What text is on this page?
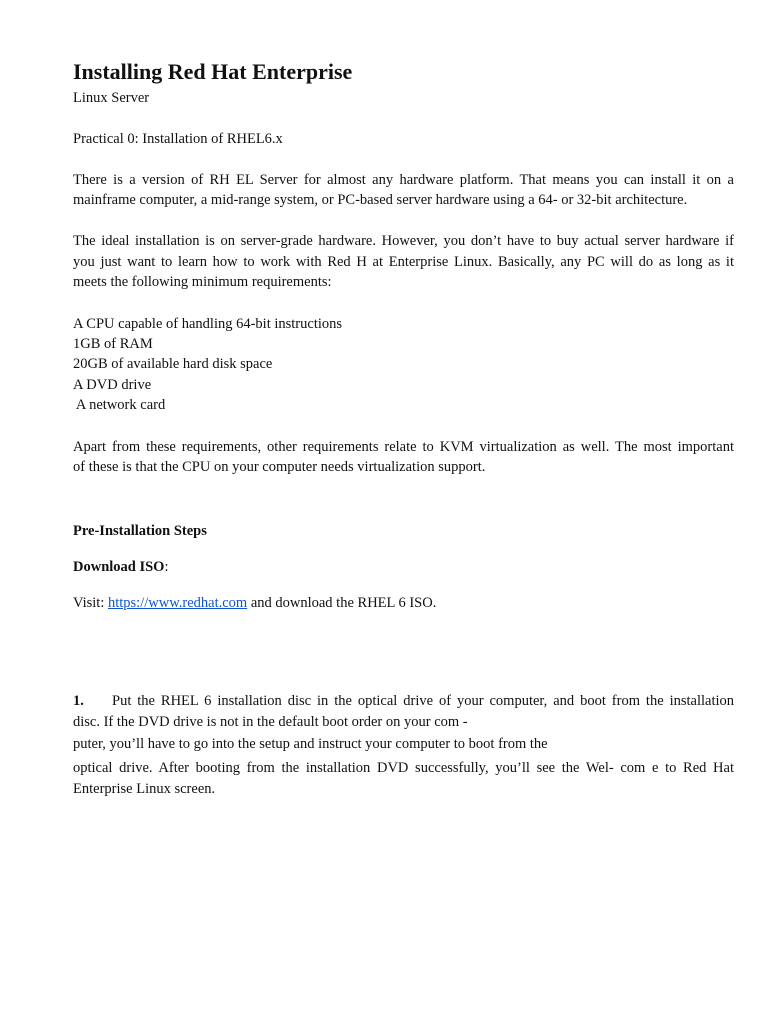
Installing Red Hat Enterprise
Linux Server
Practical 0: Installation of RHEL6.x
There is a version of RH EL Server for almost any hardware platform. That means you can install it on a
mainframe computer, a mid-range system, or PC-based server hardware using a 64- or 32-bit architecture.
The ideal installation is on server-grade hardware. However, you don’t have to buy actual server hardware if
you just want to learn how to work with Red H at Enterprise Linux. Basically, any PC will do as long as it
meets the following minimum requirements:
A CPU capable of handling 64-bit instructions
1GB of RAM
20GB of available hard disk space
A DVD drive
A network card
Apart from these requirements, other requirements relate to KVM virtualization as well. The most important
of these is that the CPU on your computer needs virtualization support.
Pre-Installation Steps
Download ISO:
Visit: https://www.redhat.com and download the RHEL 6 ISO.
1. Put the RHEL 6 installation disc in the optical drive of your computer, and boot from the installation
disc. If the DVD drive is not in the default boot order on your com -
puter, you’ll have to go into the setup and instruct your computer to boot from the
optical drive. After booting from the installation DVD successfully, you’ll see the Wel- com e to Red Hat
Enterprise Linux screen.
